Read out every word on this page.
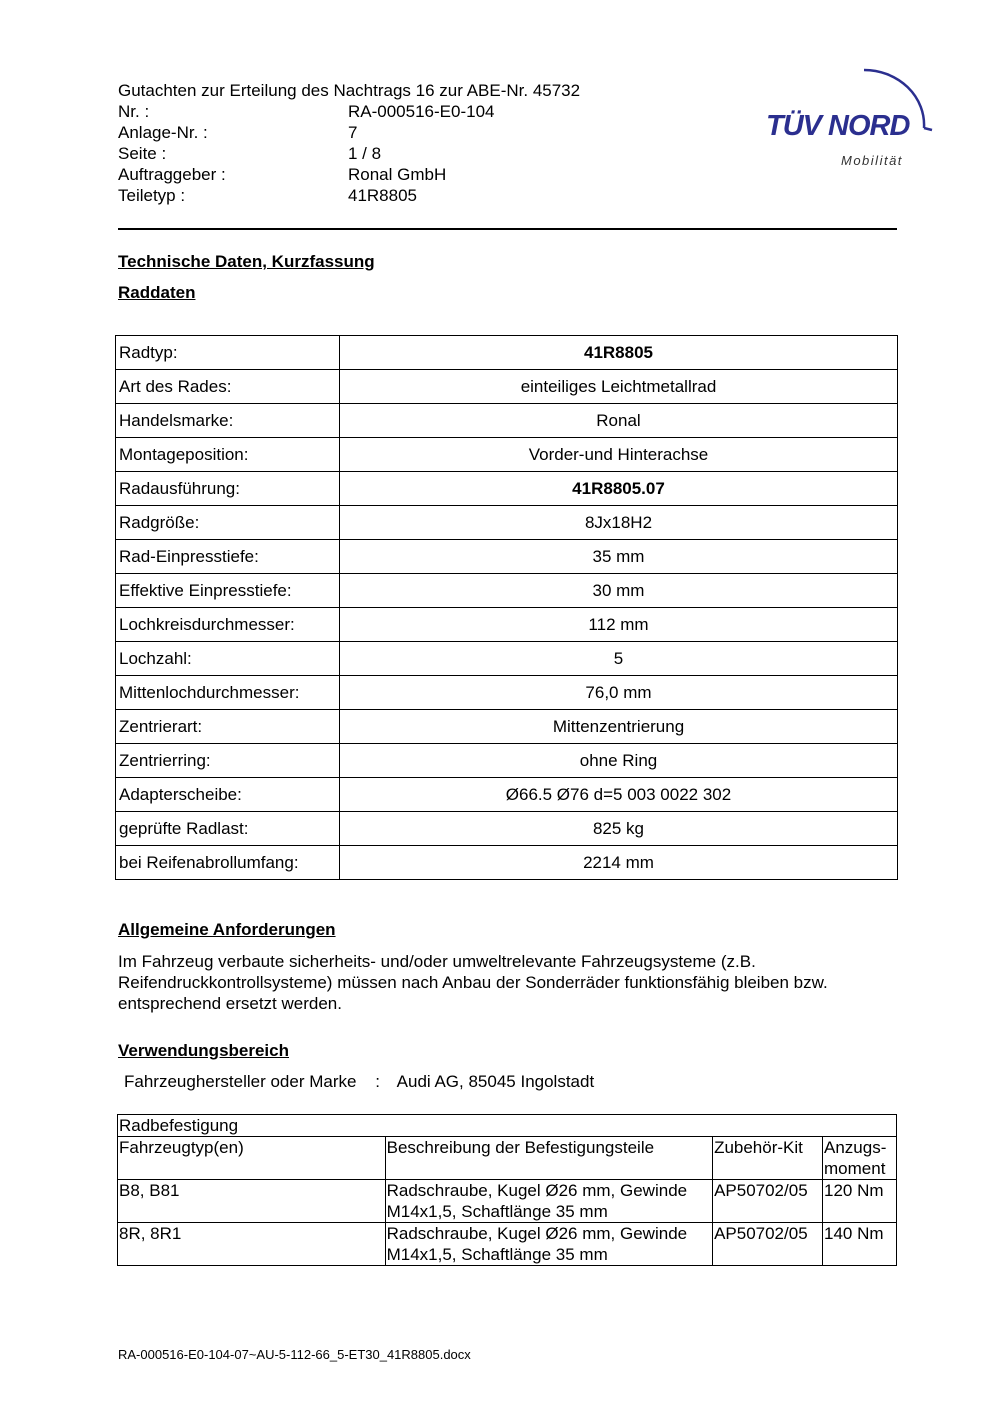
Gutachten zur Erteilung des Nachtrags 16 zur ABE-Nr. 45732
Nr. :	RA-000516-E0-104
Anlage-Nr. :	7
Seite :	1 / 8
Auftraggeber :	Ronal GmbH
Teiletyp :	41R8805
TÜV NORD
Mobilität
Technische Daten, Kurzfassung
Raddaten
Radtyp:	41R8805
Art des Rades:	einteiliges Leichtmetallrad
Handelsmarke:	Ronal
Montageposition:	Vorder-und Hinterachse
Radausführung:	41R8805.07
Radgröße:	8Jx18H2
Rad-Einpresstiefe:	35 mm
Effektive Einpresstiefe:	30 mm
Lochkreisdurchmesser:	112 mm
Lochzahl:	5
Mittenlochdurchmesser:	76,0 mm
Zentrierart:	Mittenzentrierung
Zentrierring:	ohne Ring
Adapterscheibe:	Ø66.5 Ø76 d=5 003 0022 302
geprüfte Radlast:	825 kg
bei Reifenabrollumfang:	2214 mm
Allgemeine Anforderungen
Im Fahrzeug verbaute sicherheits- und/oder umweltrelevante Fahrzeugsysteme (z.B. Reifendruckkontrollsysteme) müssen nach Anbau der Sonderräder funktionsfähig bleiben bzw. entsprechend ersetzt werden.
Verwendungsbereich
Fahrzeughersteller oder Marke : Audi AG, 85045 Ingolstadt
Radbefestigung			
Fahrzeugtyp(en)	Beschreibung der Befestigungsteile	Zubehör-Kit	Anzugs-moment
B8, B81	Radschraube, Kugel Ø26 mm, Gewinde M14x1,5, Schaftlänge 35 mm	AP50702/05	120 Nm
8R, 8R1	Radschraube, Kugel Ø26 mm, Gewinde M14x1,5, Schaftlänge 35 mm	AP50702/05	140 Nm
RA-000516-E0-104-07~AU-5-112-66_5-ET30_41R8805.docx
